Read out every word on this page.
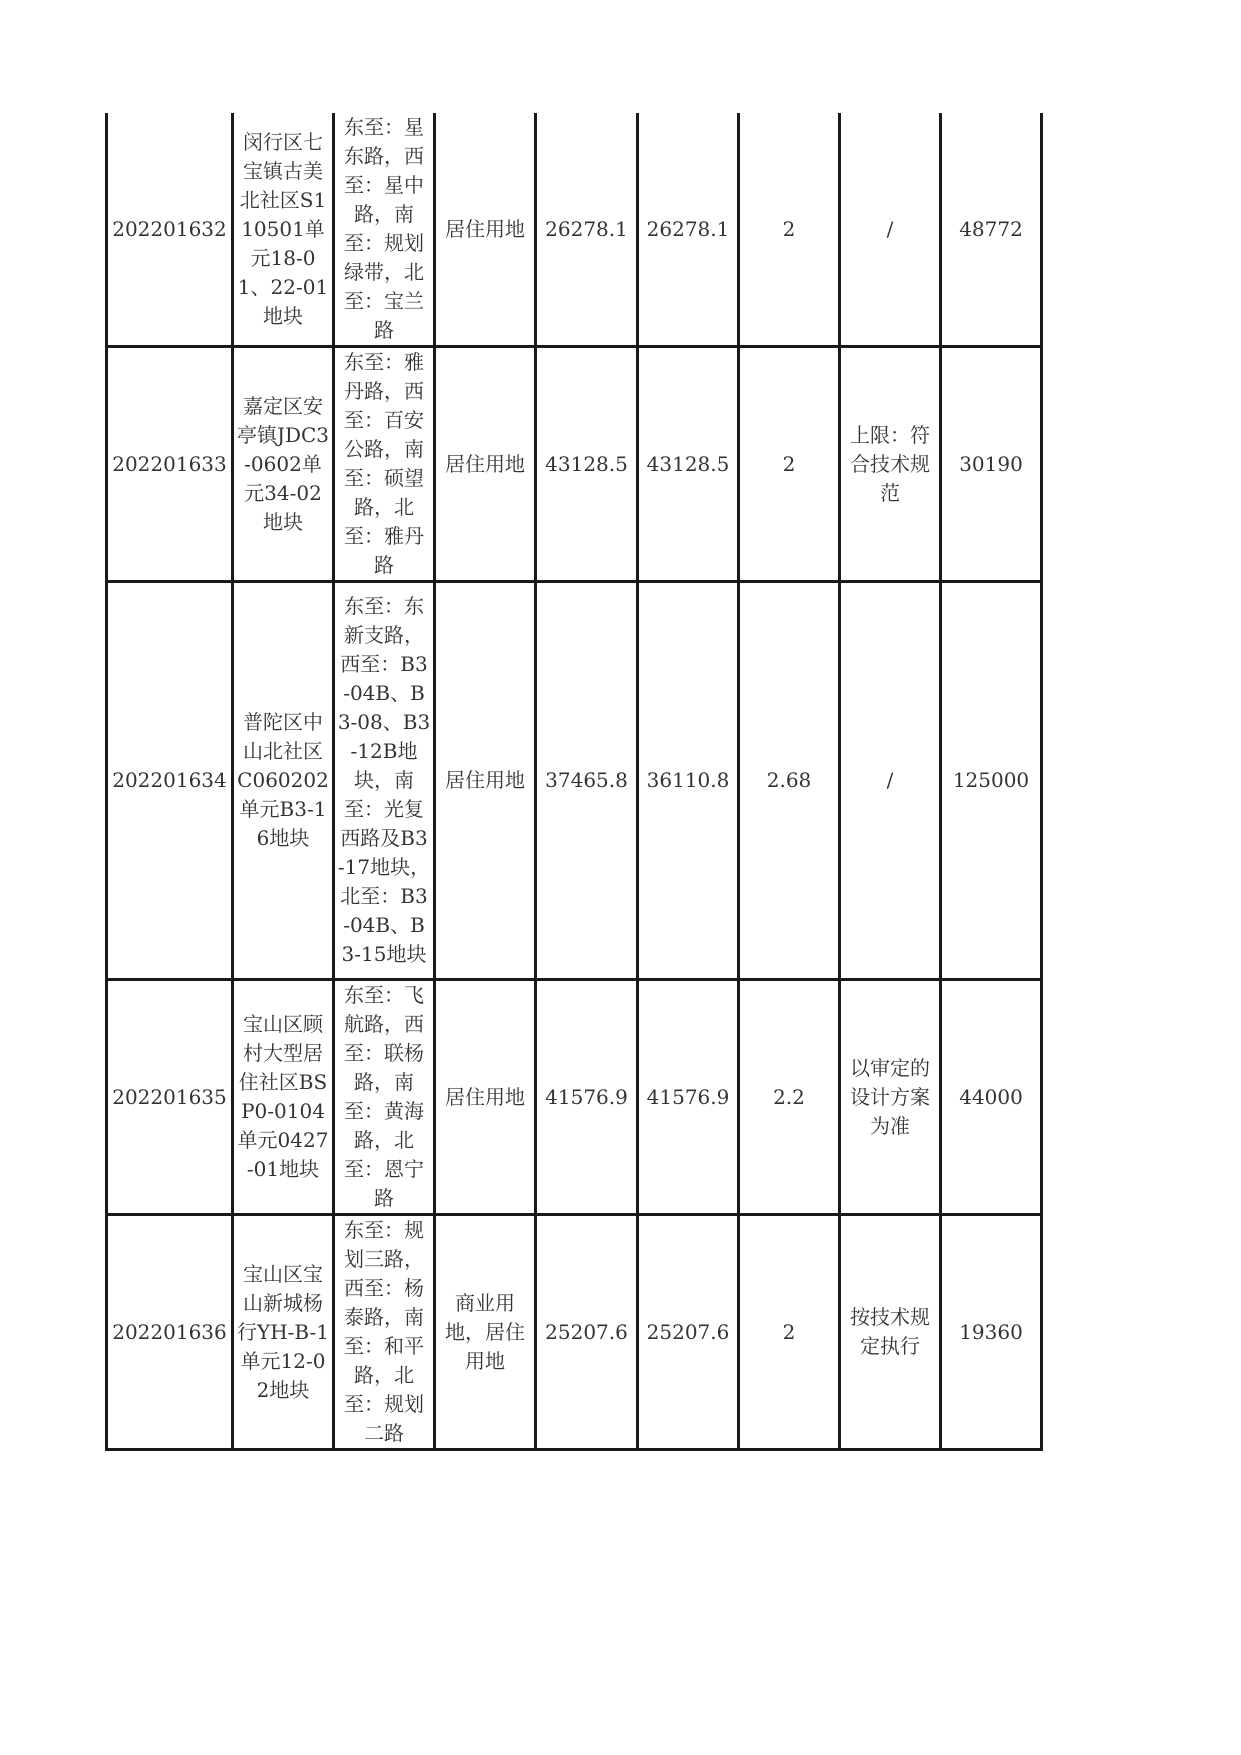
202201632	闵行区七宝镇古美北社区S110501单元18-01、22-01地块	东至：星东路，西至：星中路，南至：规划绿带，北至：宝兰路	居住用地	26278.1	26278.1	2	/	48772
202201633	嘉定区安亭镇JDC3-0602单元34-02地块	东至：雅丹路，西至：百安公路，南至：硕望路，北至：雅丹路	居住用地	43128.5	43128.5	2	上限：符合技术规范	30190
202201634	普陀区中山北社区C060202单元B3-16地块	东至：东新支路，西至：B3-04B、B3-08、B3-12B地块，南至：光复西路及B3-17地块，北至：B3-04B、B3-15地块	居住用地	37465.8	36110.8	2.68	/	125000
202201635	宝山区顾村大型居住社区BSP0-0104单元0427-01地块	东至：飞航路，西至：联杨路，南至：黄海路，北至：恩宁路	居住用地	41576.9	41576.9	2.2	以审定的设计方案为准	44000
202201636	宝山区宝山新城杨行YH-B-1单元12-02地块	东至：规划三路，西至：杨泰路，南至：和平路，北至：规划二路	商业用地，居住用地	25207.6	25207.6	2	按技术规定执行	19360
